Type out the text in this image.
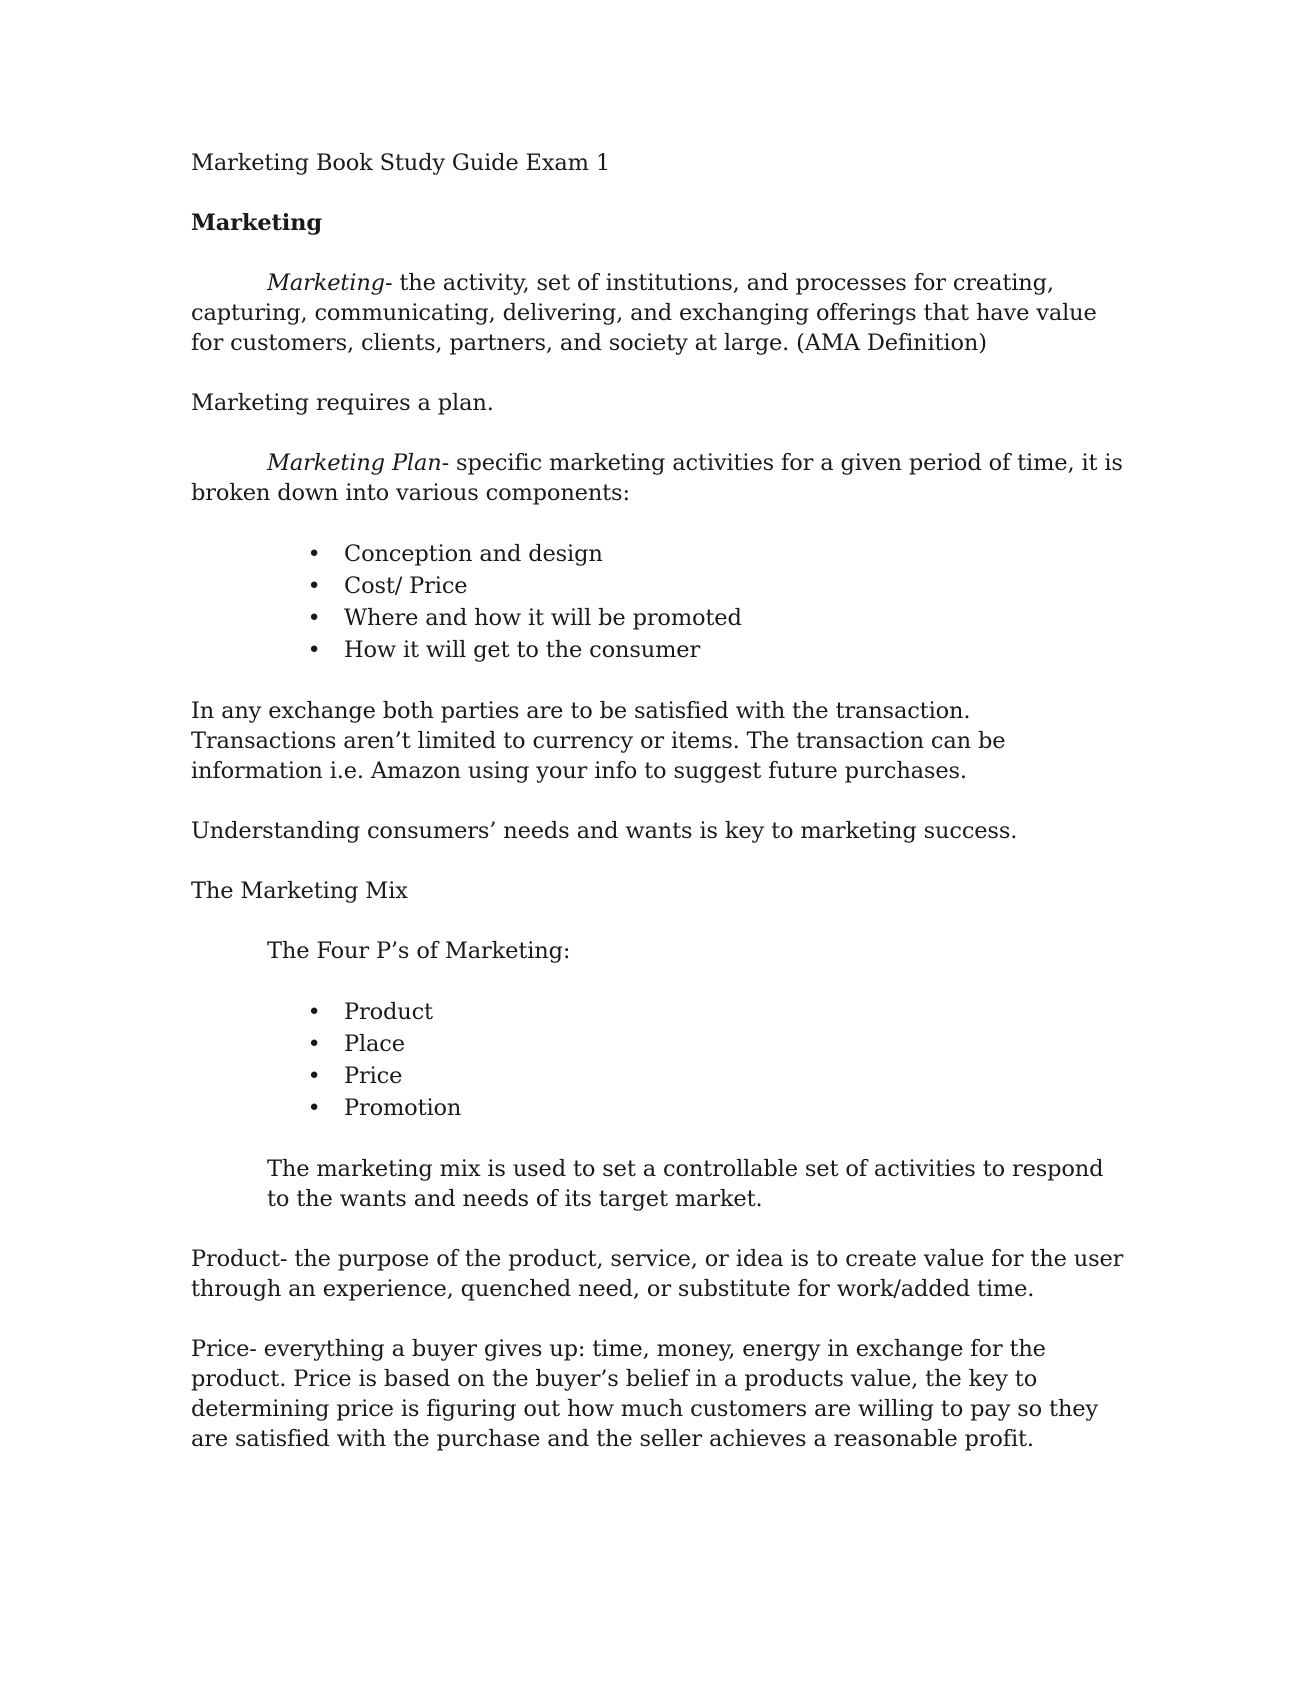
Marketing Book Study Guide Exam 1

Marketing

Marketing- the activity, set of institutions, and processes for creating, capturing, communicating, delivering, and exchanging offerings that have value for customers, clients, partners, and society at large. (AMA Definition)

Marketing requires a plan.

Marketing Plan- specific marketing activities for a given period of time, it is broken down into various components:

• Conception and design
• Cost/ Price
• Where and how it will be promoted
• How it will get to the consumer

In any exchange both parties are to be satisfied with the transaction.

Transactions aren’t limited to currency or items. The transaction can be information i.e. Amazon using your info to suggest future purchases.

Understanding consumers’ needs and wants is key to marketing success.

The Marketing Mix

The Four P’s of Marketing:

• Product
• Place
• Price
• Promotion

The marketing mix is used to set a controllable set of activities to respond to the wants and needs of its target market.

Product- the purpose of the product, service, or idea is to create value for the user through an experience, quenched need, or substitute for work/added time.

Price- everything a buyer gives up: time, money, energy in exchange for the product. Price is based on the buyer’s belief in a products value, the key to determining price is figuring out how much customers are willing to pay so they are satisfied with the purchase and the seller achieves a reasonable profit.
